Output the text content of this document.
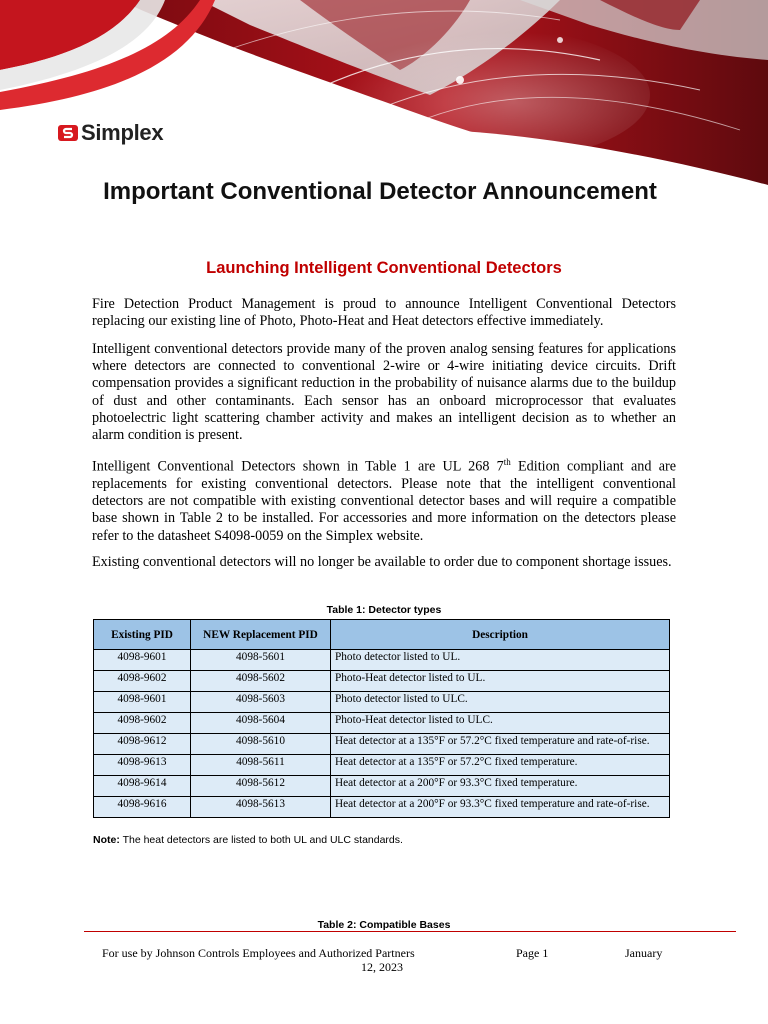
Simplex
Important Conventional Detector Announcement
Launching Intelligent Conventional Detectors

Fire Detection Product Management is proud to announce Intelligent Conventional Detectors replacing our existing line of Photo, Photo-Heat and Heat detectors effective immediately.

Intelligent conventional detectors provide many of the proven analog sensing features for applications where detectors are connected to conventional 2-wire or 4-wire initiating device circuits. Drift compensation provides a significant reduction in the probability of nuisance alarms due to the buildup of dust and other contaminants. Each sensor has an onboard microprocessor that evaluates photoelectric light scattering chamber activity and makes an intelligent decision as to whether an alarm condition is present.

Intelligent Conventional Detectors shown in Table 1 are UL 268 7th Edition compliant and are replacements for existing conventional detectors. Please note that the intelligent conventional detectors are not compatible with existing conventional detector bases and will require a compatible base shown in Table 2 to be installed. For accessories and more information on the detectors please refer to the datasheet S4098-0059 on the Simplex website.

Existing conventional detectors will no longer be available to order due to component shortage issues.

Table 1: Detector types
Existing PID	NEW Replacement PID	Description
4098-9601	4098-5601	Photo detector listed to UL.
4098-9602	4098-5602	Photo-Heat detector listed to UL.
4098-9601	4098-5603	Photo detector listed to ULC.
4098-9602	4098-5604	Photo-Heat detector listed to ULC.
4098-9612	4098-5610	Heat detector at a 135°F or 57.2°C fixed temperature and rate-of-rise.
4098-9613	4098-5611	Heat detector at a 135°F or 57.2°C fixed temperature.
4098-9614	4098-5612	Heat detector at a 200°F or 93.3°C fixed temperature.
4098-9616	4098-5613	Heat detector at a 200°F or 93.3°C fixed temperature and rate-of-rise.
Note: The heat detectors are listed to both UL and ULC standards.
Table 2: Compatible Bases
For use by Johnson Controls Employees and Authorized Partners	Page 1	January
12, 2023
